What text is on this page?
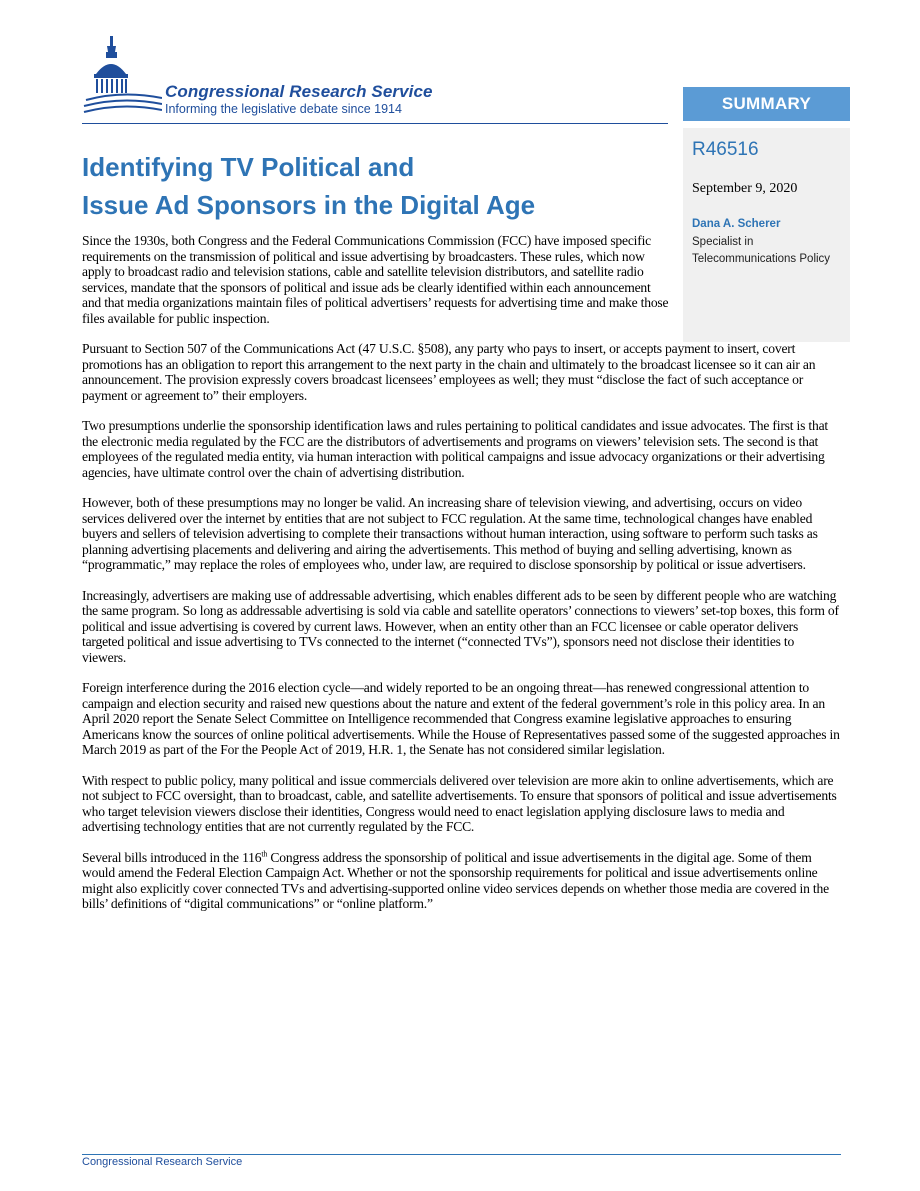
Congressional Research Service
Informing the legislative debate since 1914	SUMMARY
R46516
September 9, 2020
Dana A. Scherer
Specialist in Telecommunications Policy
Identifying TV Political and
Issue Ad Sponsors in the Digital Age

Since the 1930s, both Congress and the Federal Communications Commission (FCC) have imposed specific requirements on the transmission of political and issue advertising by broadcasters. These rules, which now apply to broadcast radio and television stations, cable and satellite television distributors, and satellite radio services, mandate that the sponsors of political and issue ads be clearly identified within each announcement and that media organizations maintain files of political advertisers’ requests for advertising time and make those files available for public inspection.

Pursuant to Section 507 of the Communications Act (47 U.S.C. §508), any party who pays to insert, or accepts payment to insert, covert promotions has an obligation to report this arrangement to the next party in the chain and ultimately to the broadcast licensee so it can air an announcement. The provision expressly covers broadcast licensees’ employees as well; they must “disclose the fact of such acceptance or payment or agreement to” their employers.

Two presumptions underlie the sponsorship identification laws and rules pertaining to political candidates and issue advocates. The first is that the electronic media regulated by the FCC are the distributors of advertisements and programs on viewers’ television sets. The second is that employees of the regulated media entity, via human interaction with political campaigns and issue advocacy organizations or their advertising agencies, have ultimate control over the chain of advertising distribution.

However, both of these presumptions may no longer be valid. An increasing share of television viewing, and advertising, occurs on video services delivered over the internet by entities that are not subject to FCC regulation. At the same time, technological changes have enabled buyers and sellers of television advertising to complete their transactions without human interaction, using software to perform such tasks as planning advertising placements and delivering and airing the advertisements. This method of buying and selling advertising, known as “programmatic,” may replace the roles of employees who, under law, are required to disclose sponsorship by political or issue advertisers.

Increasingly, advertisers are making use of addressable advertising, which enables different ads to be seen by different people who are watching the same program. So long as addressable advertising is sold via cable and satellite operators’ connections to viewers’ set-top boxes, this form of political and issue advertising is covered by current laws. However, when an entity other than an FCC licensee or cable operator delivers targeted political and issue advertising to TVs connected to the internet (“connected TVs”), sponsors need not disclose their identities to viewers.

Foreign interference during the 2016 election cycle—and widely reported to be an ongoing threat—has renewed congressional attention to campaign and election security and raised new questions about the nature and extent of the federal government’s role in this policy area. In an April 2020 report the Senate Select Committee on Intelligence recommended that Congress examine legislative approaches to ensuring Americans know the sources of online political advertisements. While the House of Representatives passed some of the suggested approaches in March 2019 as part of the For the People Act of 2019, H.R. 1, the Senate has not considered similar legislation.

With respect to public policy, many political and issue commercials delivered over television are more akin to online advertisements, which are not subject to FCC oversight, than to broadcast, cable, and satellite advertisements. To ensure that sponsors of political and issue advertisements who target television viewers disclose their identities, Congress would need to enact legislation applying disclosure laws to media and advertising technology entities that are not currently regulated by the FCC.

Several bills introduced in the 116th Congress address the sponsorship of political and issue advertisements in the digital age. Some of them would amend the Federal Election Campaign Act. Whether or not the sponsorship requirements for political and issue advertisements online might also explicitly cover connected TVs and advertising-supported online video services depends on whether those media are covered in the bills’ definitions of “digital communications” or “online platform.”

Congressional Research Service
